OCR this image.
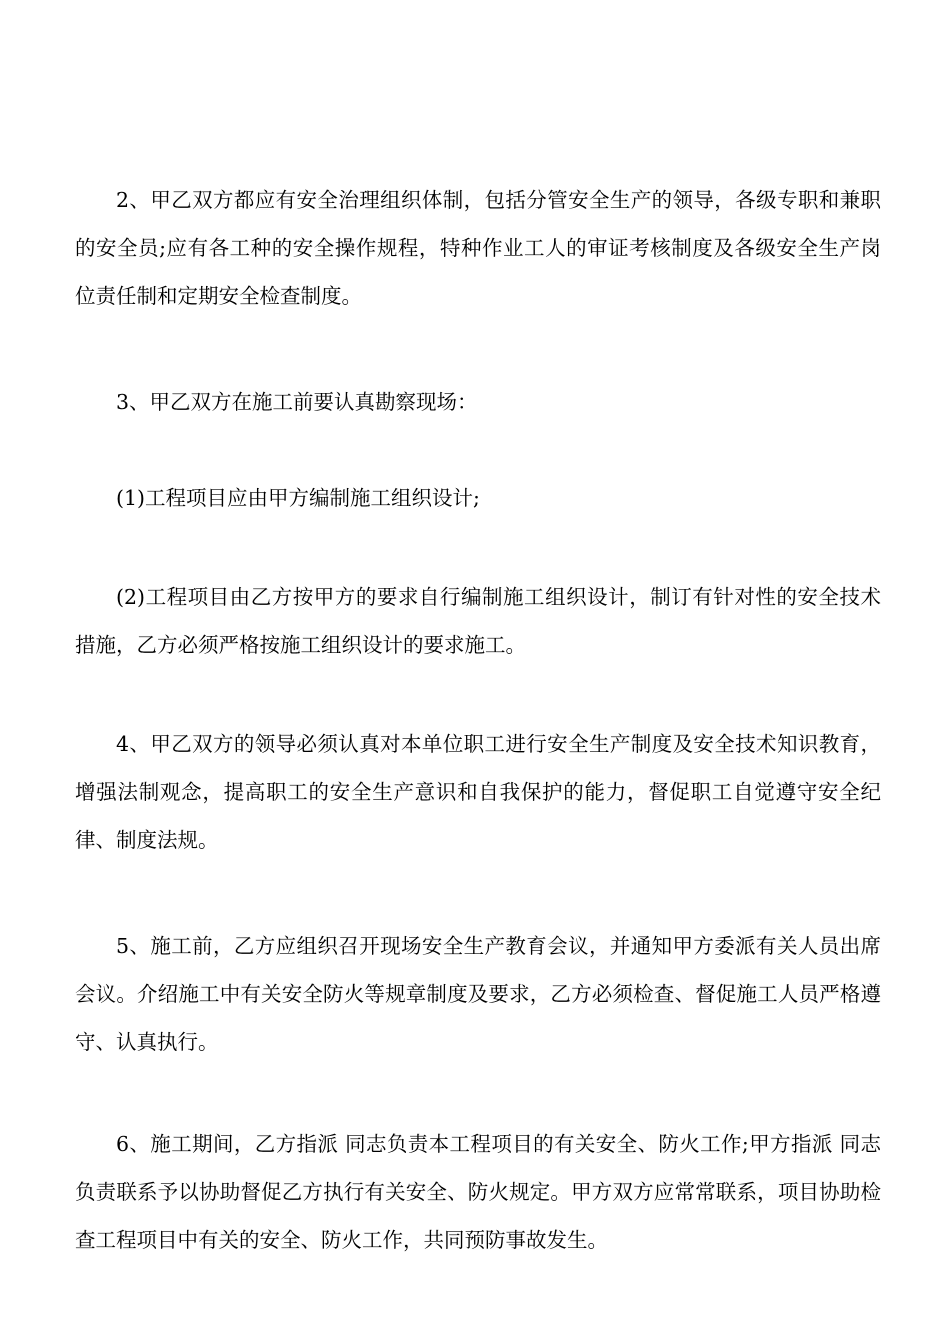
2、甲乙双方都应有安全治理组织体制，包括分管安全生产的领导，各级专职和兼职的安全员;应有各工种的安全操作规程，特种作业工人的审证考核制度及各级安全生产岗位责任制和定期安全检查制度。

3、甲乙双方在施工前要认真勘察现场：

(1)工程项目应由甲方编制施工组织设计;

(2)工程项目由乙方按甲方的要求自行编制施工组织设计，制订有针对性的安全技术措施，乙方必须严格按施工组织设计的要求施工。

4、甲乙双方的领导必须认真对本单位职工进行安全生产制度及安全技术知识教育，增强法制观念，提高职工的安全生产意识和自我保护的能力，督促职工自觉遵守安全纪律、制度法规。

5、施工前，乙方应组织召开现场安全生产教育会议，并通知甲方委派有关人员出席会议。介绍施工中有关安全防火等规章制度及要求，乙方必须检查、督促施工人员严格遵守、认真执行。

6、施工期间，乙方指派 同志负责本工程项目的有关安全、防火工作;甲方指派 同志负责联系予以协助督促乙方执行有关安全、防火规定。甲方双方应常常联系，项目协助检查工程项目中有关的安全、防火工作，共同预防事故发生。
